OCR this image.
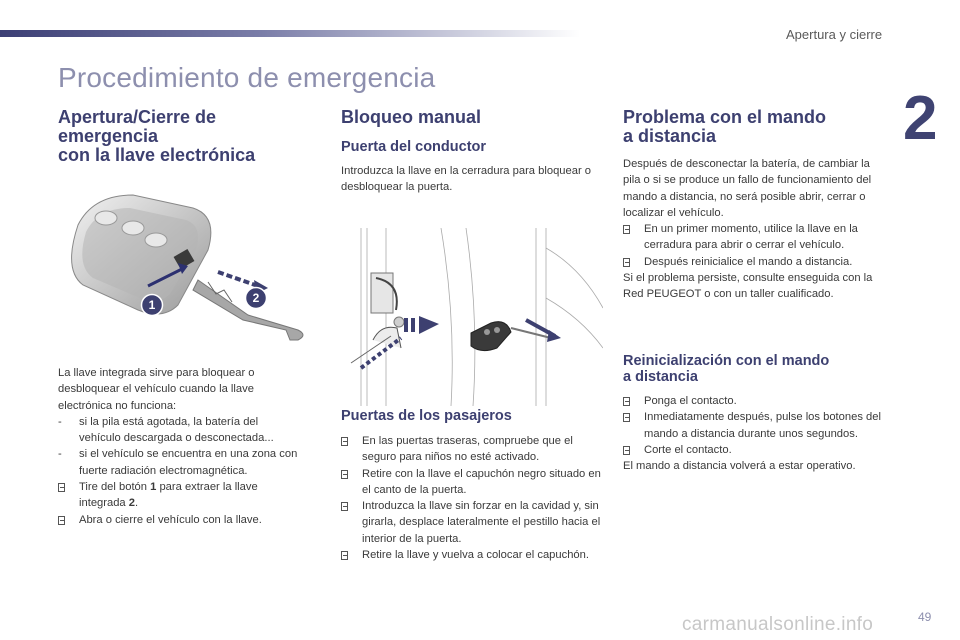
Apertura y cierre
2
Procedimiento de emergencia
Apertura/Cierre de
emergencia
con la llave electrónica
1	2

La llave integrada sirve para bloquear o desbloquear el vehículo cuando la llave electrónica no funciona:

- si la pila está agotada, la batería del vehículo descargada o desconectada...
- si el vehículo se encuentra en una zona con fuerte radiación electromagnética.
Tire del botón 1 para extraer la llave integrada 2.
Abra o cierre el vehículo con la llave.
Bloqueo manual
Puerta del conductor

Introduzca la llave en la cerradura para bloquear o desbloquear la puerta.

Puertas de los pasajeros
En las puertas traseras, compruebe que el seguro para niños no esté activado.
Retire con la llave el capuchón negro situado en el canto de la puerta.
Introduzca la llave sin forzar en la cavidad y, sin girarla, desplace lateralmente el pestillo hacia el interior de la puerta.
Retire la llave y vuelva a colocar el capuchón.
Problema con el mando
a distancia

Después de desconectar la batería, de cambiar la pila o si se produce un fallo de funcionamiento del mando a distancia, no será posible abrir, cerrar o localizar el vehículo.

En un primer momento, utilice la llave en la cerradura para abrir o cerrar el vehículo.
Después reinicialice el mando a distancia.

Si el problema persiste, consulte enseguida con la Red PEUGEOT o con un taller cualificado.

Reinicialización con el mando
a distancia
Ponga el contacto.
Inmediatamente después, pulse los botones del mando a distancia durante unos segundos.
Corte el contacto.

El mando a distancia volverá a estar operativo.

carmanualsonline.info	49
